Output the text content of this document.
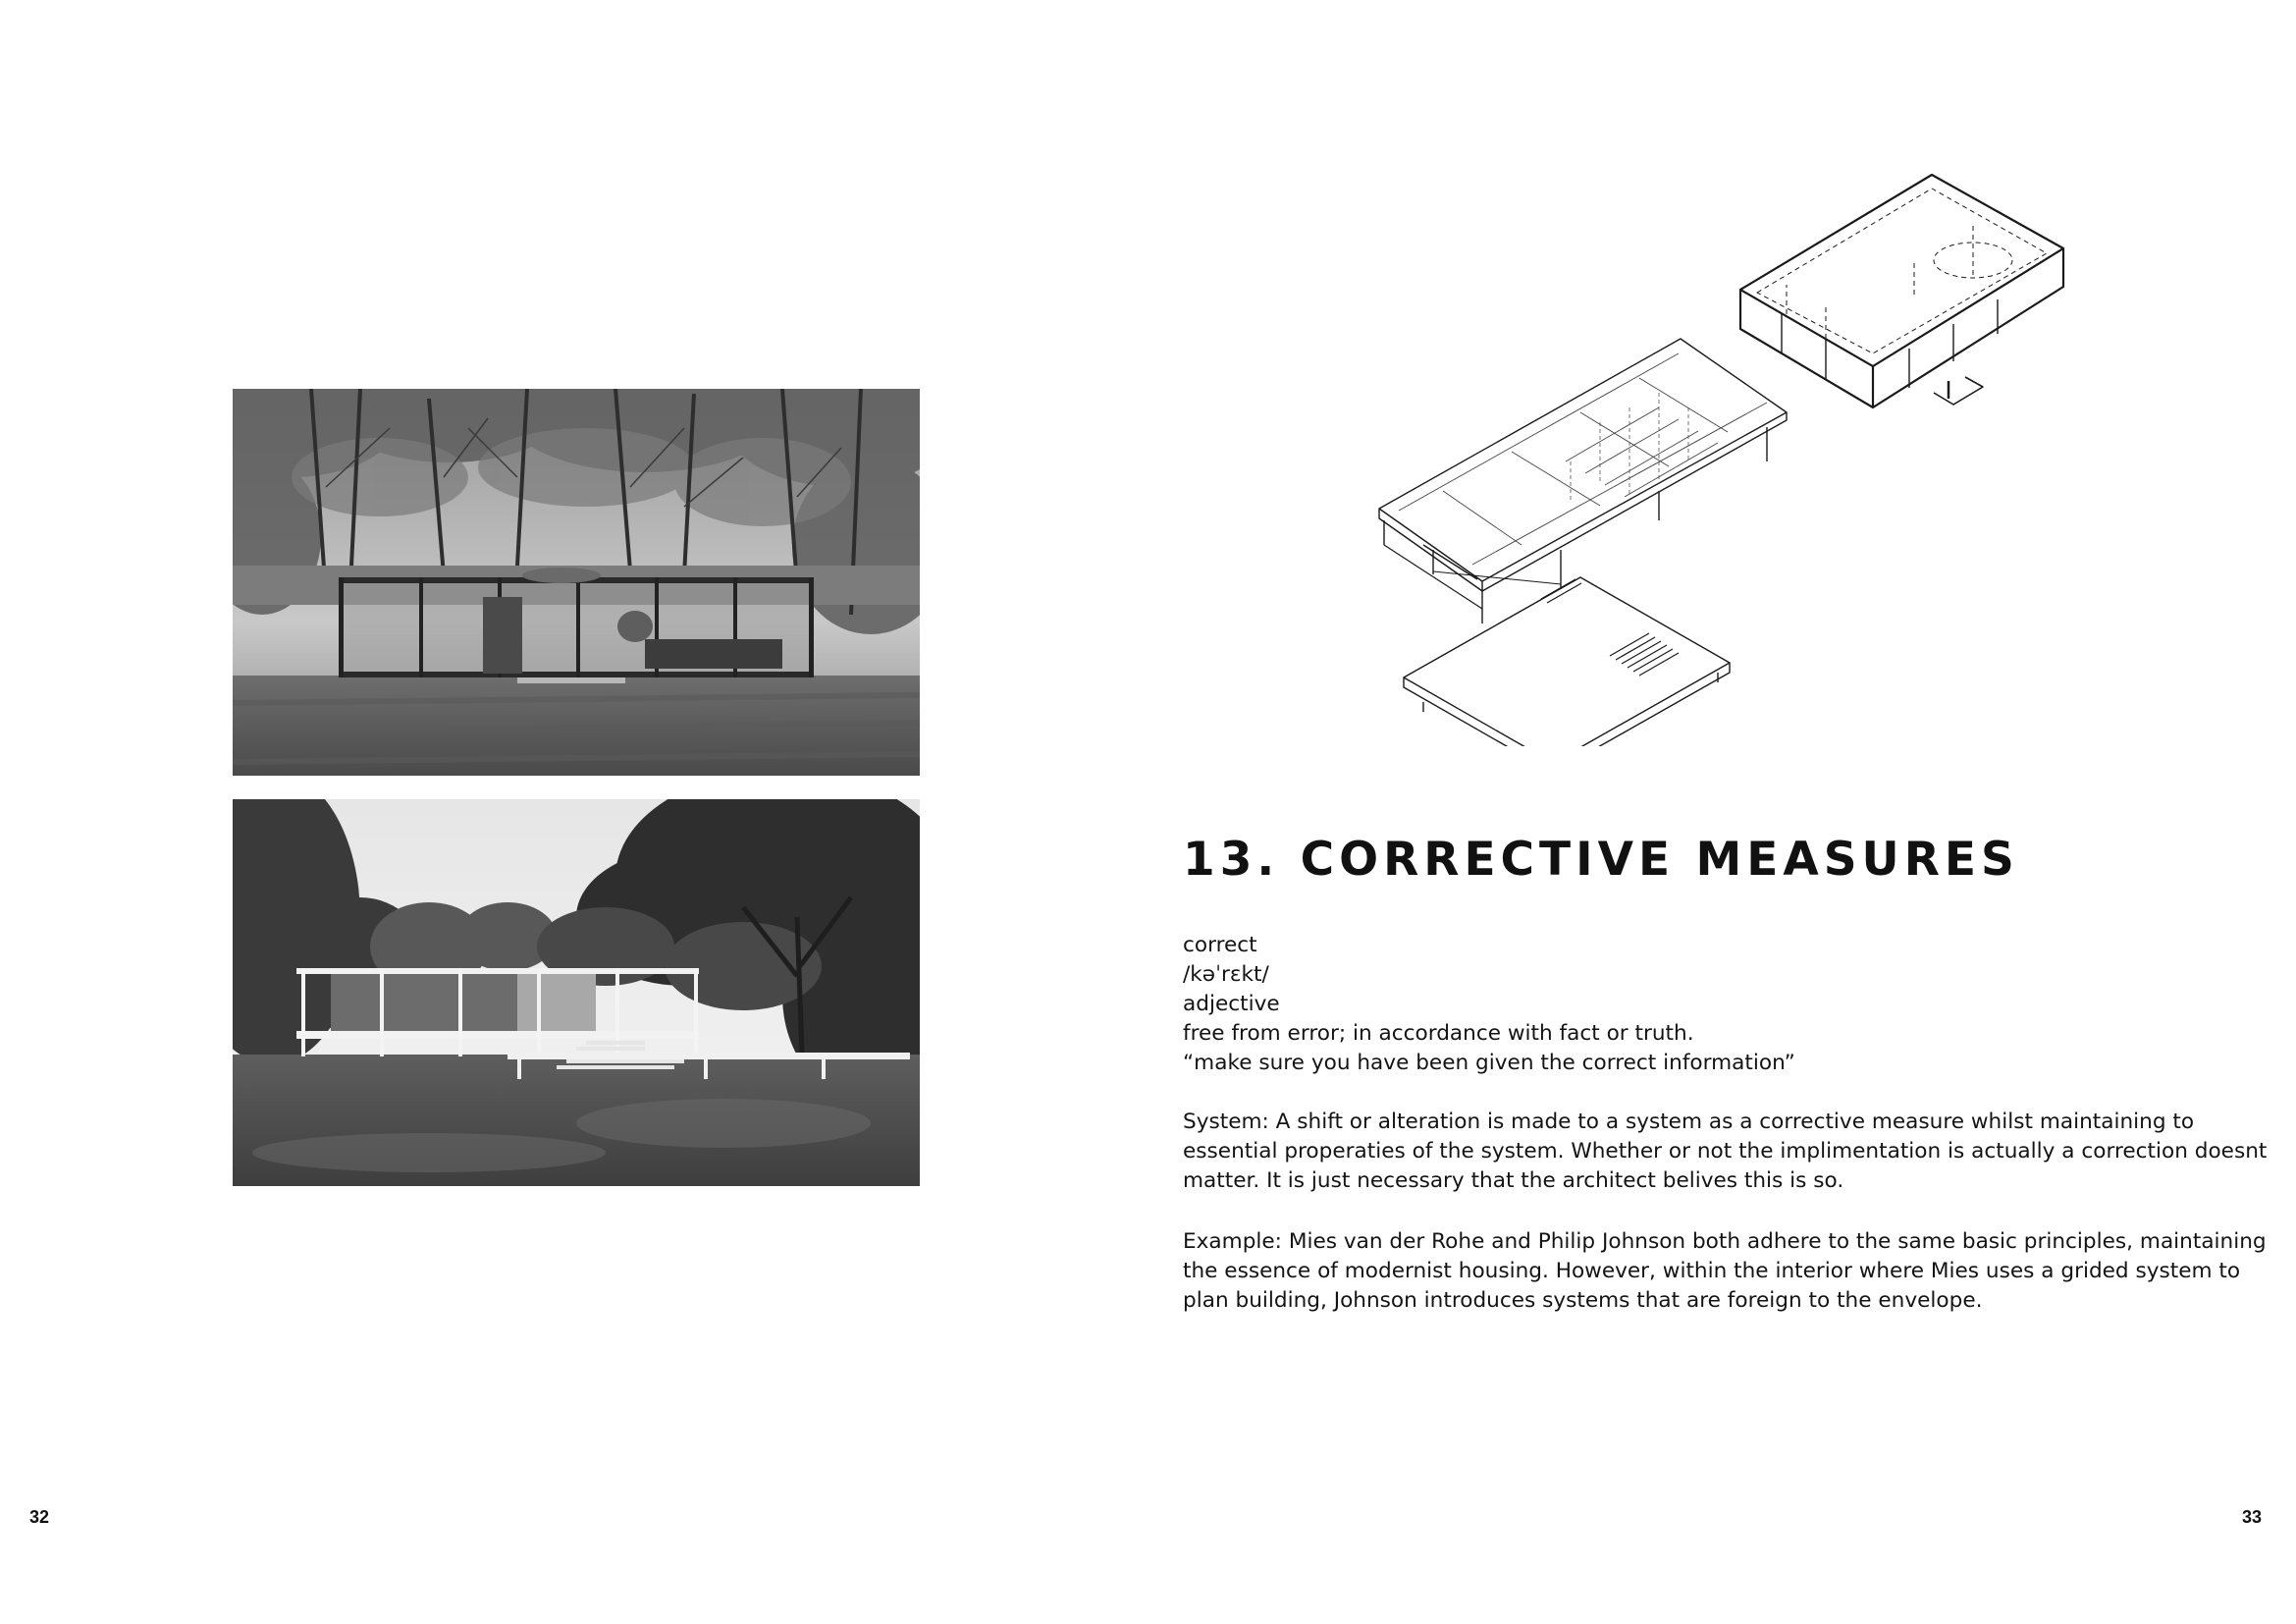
13. CORRECTIVE MEASURES
correct
/kəˈrɛkt/
adjective
free from error; in accordance with fact or truth.
“make sure you have been given the correct information”
System: A shift or alteration is made to a system as a corrective measure whilst maintaining to essential properaties of the system. Whether or not the implimentation is actually a correction doesnt matter. It is just necessary that the architect belives this is so.
Example: Mies van der Rohe and Philip Johnson both adhere to the same basic principles, maintaining the essence of modernist housing. However, within the interior where Mies uses a grided system to plan building, Johnson introduces systems that are foreign to the envelope.
32	33
